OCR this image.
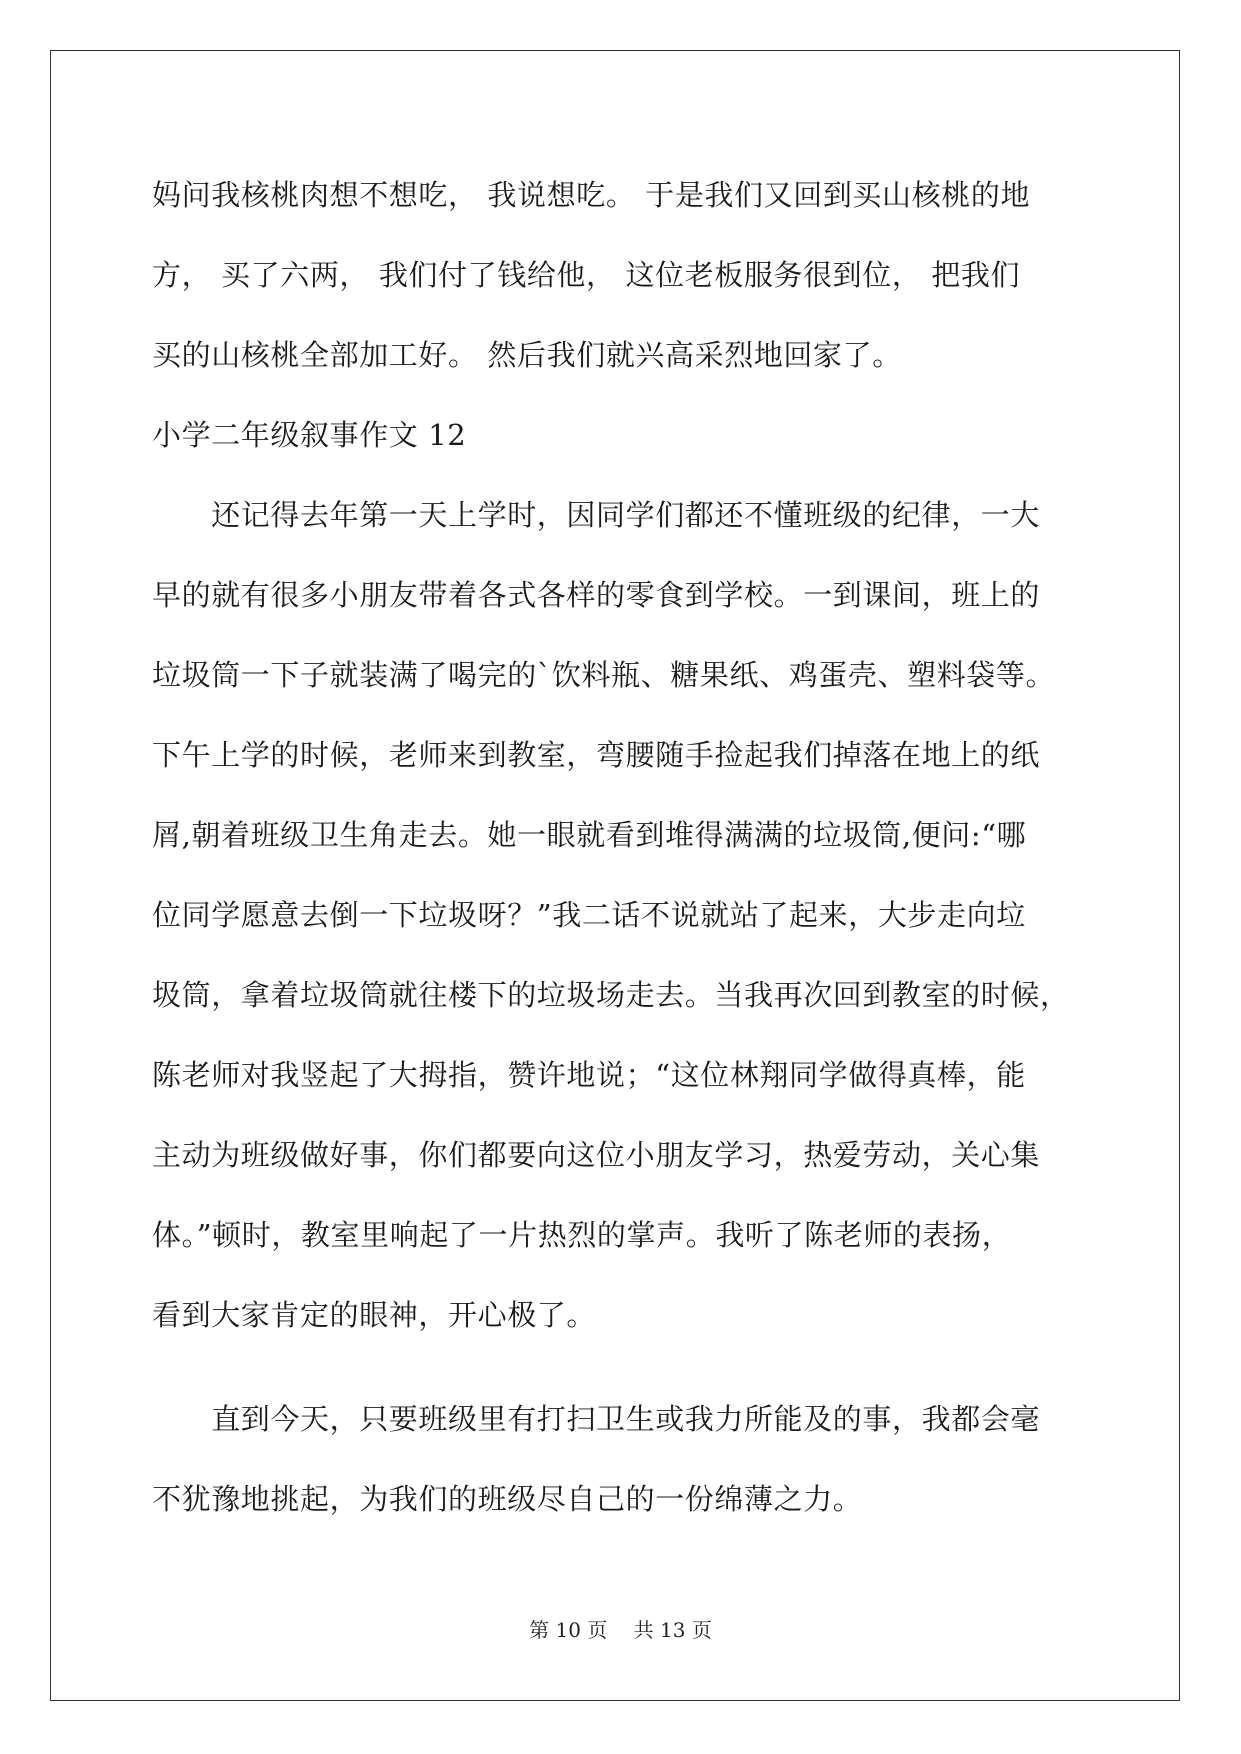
妈问我核桃肉想不想吃， 我说想吃。 于是我们又回到买山核桃的地
方， 买了六两， 我们付了钱给他， 这位老板服务很到位， 把我们
买的山核桃全部加工好。 然后我们就兴高采烈地回家了。
小学二年级叙事作文 12
　　还记得去年第一天上学时，因同学们都还不懂班级的纪律，一大
早的就有很多小朋友带着各式各样的零食到学校。一到课间，班上的
垃圾筒一下子就装满了喝完的`饮料瓶、糖果纸、鸡蛋壳、塑料袋等。
下午上学的时候，老师来到教室，弯腰随手捡起我们掉落在地上的纸
屑,朝着班级卫生角走去。她一眼就看到堆得满满的垃圾筒,便问:“哪
位同学愿意去倒一下垃圾呀？”我二话不说就站了起来，大步走向垃
圾筒，拿着垃圾筒就往楼下的垃圾场走去。当我再次回到教室的时候，
陈老师对我竖起了大拇指，赞许地说；“这位林翔同学做得真棒，能
主动为班级做好事，你们都要向这位小朋友学习，热爱劳动，关心集
体。”顿时，教室里响起了一片热烈的掌声。我听了陈老师的表扬，
看到大家肯定的眼神，开心极了。
　　直到今天，只要班级里有打扫卫生或我力所能及的事，我都会毫
不犹豫地挑起，为我们的班级尽自己的一份绵薄之力。
第 10 页　 共 13 页
